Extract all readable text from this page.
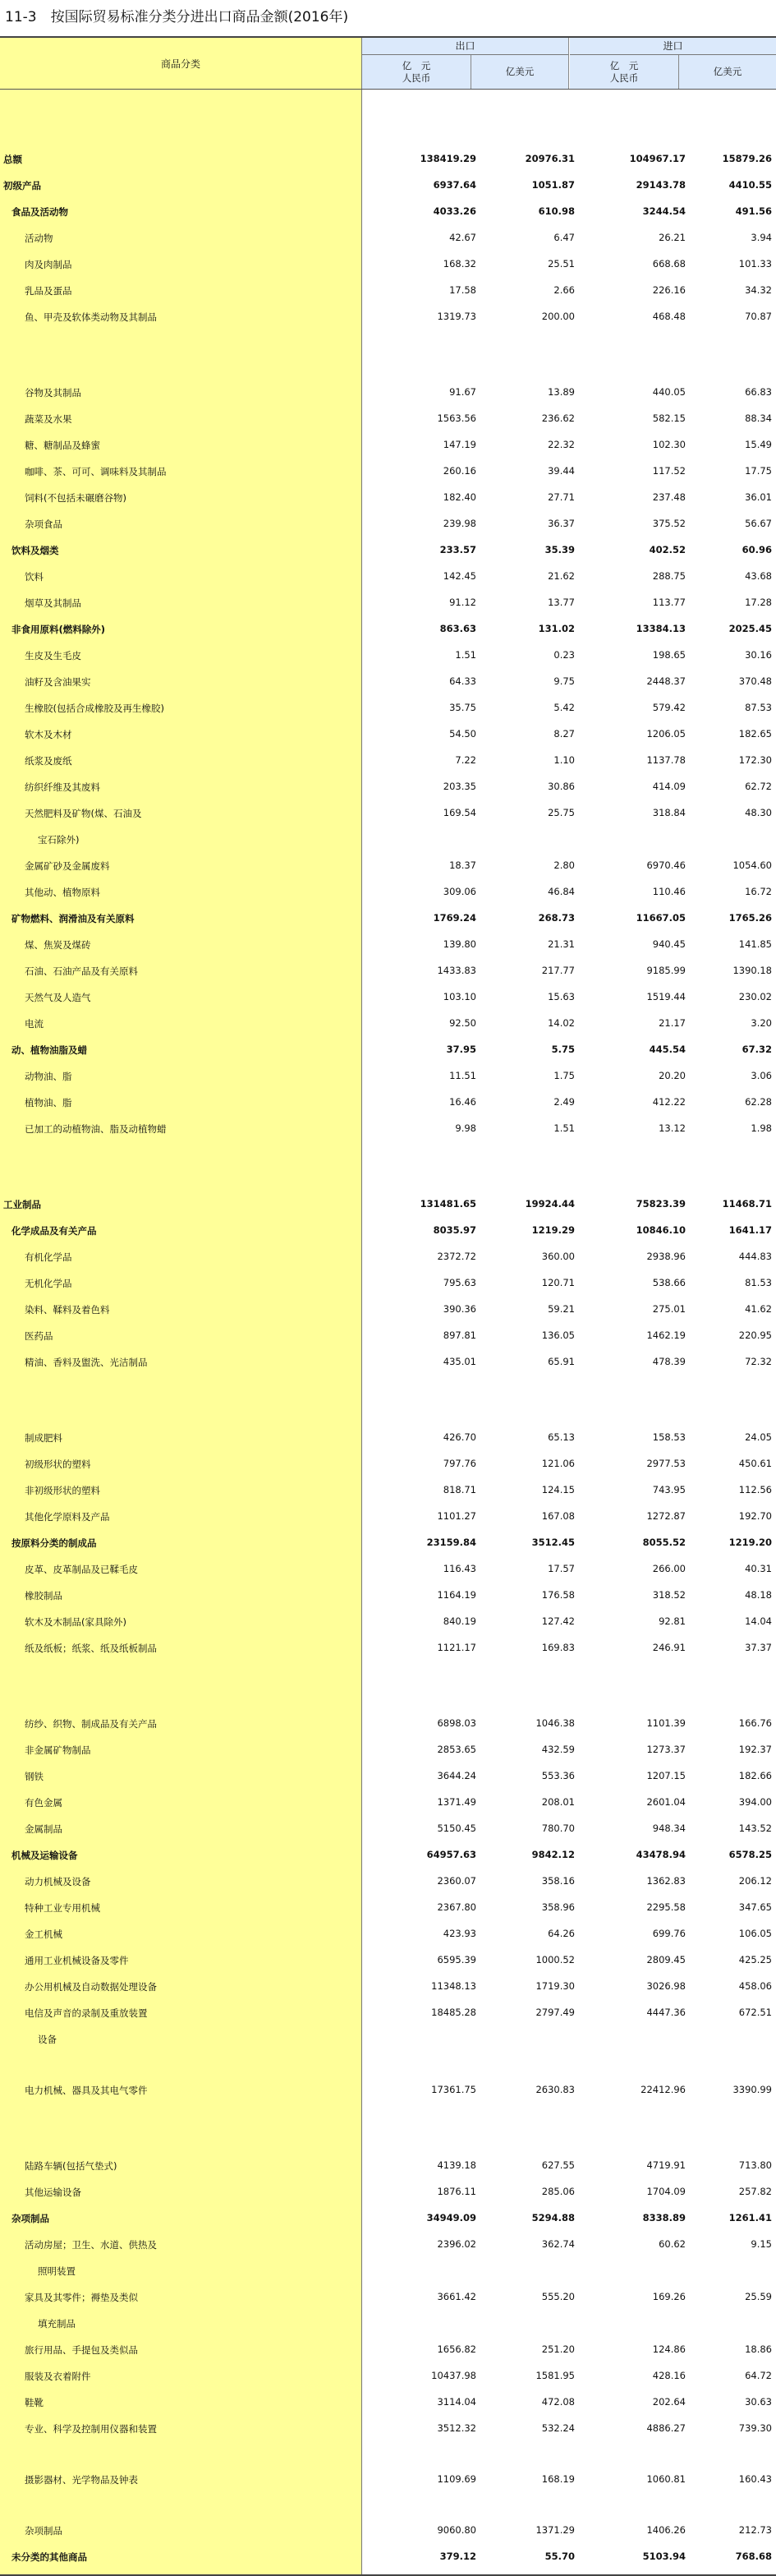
11-3　按国际贸易标准分类分进出口商品金额(2016年)
商品分类
出口	进口
亿　元
人民币
亿美元
亿　元
人民币
亿美元
总额	138419.29	20976.31	104967.17	15879.26
初级产品	6937.64	1051.87	29143.78	4410.55
食品及活动物	4033.26	610.98	3244.54	491.56
活动物	42.67	6.47	26.21	3.94
肉及肉制品	168.32	25.51	668.68	101.33
乳品及蛋品	17.58	2.66	226.16	34.32
鱼、甲壳及软体类动物及其制品	1319.73	200.00	468.48	70.87
谷物及其制品	91.67	13.89	440.05	66.83
蔬菜及水果	1563.56	236.62	582.15	88.34
糖、糖制品及蜂蜜	147.19	22.32	102.30	15.49
咖啡、茶、可可、调味料及其制品	260.16	39.44	117.52	17.75
饲料(不包括未碾磨谷物)	182.40	27.71	237.48	36.01
杂项食品	239.98	36.37	375.52	56.67
饮料及烟类	233.57	35.39	402.52	60.96
饮料	142.45	21.62	288.75	43.68
烟草及其制品	91.12	13.77	113.77	17.28
非食用原料(燃料除外)	863.63	131.02	13384.13	2025.45
生皮及生毛皮	1.51	0.23	198.65	30.16
油籽及含油果实	64.33	9.75	2448.37	370.48
生橡胶(包括合成橡胶及再生橡胶)	35.75	5.42	579.42	87.53
软木及木材	54.50	8.27	1206.05	182.65
纸浆及废纸	7.22	1.10	1137.78	172.30
纺织纤维及其废料	203.35	30.86	414.09	62.72
天然肥料及矿物(煤、石油及	169.54	25.75	318.84	48.30
宝石除外)
金属矿砂及金属废料	18.37	2.80	6970.46	1054.60
其他动、植物原料	309.06	46.84	110.46	16.72
矿物燃料、润滑油及有关原料	1769.24	268.73	11667.05	1765.26
煤、焦炭及煤砖	139.80	21.31	940.45	141.85
石油、石油产品及有关原料	1433.83	217.77	9185.99	1390.18
天然气及人造气	103.10	15.63	1519.44	230.02
电流	92.50	14.02	21.17	3.20
动、植物油脂及蜡	37.95	5.75	445.54	67.32
动物油、脂	11.51	1.75	20.20	3.06
植物油、脂	16.46	2.49	412.22	62.28
已加工的动植物油、脂及动植物蜡	9.98	1.51	13.12	1.98
工业制品	131481.65	19924.44	75823.39	11468.71
化学成品及有关产品	8035.97	1219.29	10846.10	1641.17
有机化学品	2372.72	360.00	2938.96	444.83
无机化学品	795.63	120.71	538.66	81.53
染料、鞣料及着色料	390.36	59.21	275.01	41.62
医药品	897.81	136.05	1462.19	220.95
精油、香料及盥洗、光洁制品	435.01	65.91	478.39	72.32
制成肥料	426.70	65.13	158.53	24.05
初级形状的塑料	797.76	121.06	2977.53	450.61
非初级形状的塑料	818.71	124.15	743.95	112.56
其他化学原料及产品	1101.27	167.08	1272.87	192.70
按原料分类的制成品	23159.84	3512.45	8055.52	1219.20
皮革、皮革制品及已鞣毛皮	116.43	17.57	266.00	40.31
橡胶制品	1164.19	176.58	318.52	48.18
软木及木制品(家具除外)	840.19	127.42	92.81	14.04
纸及纸板；纸浆、纸及纸板制品	1121.17	169.83	246.91	37.37
纺纱、织物、制成品及有关产品	6898.03	1046.38	1101.39	166.76
非金属矿物制品	2853.65	432.59	1273.37	192.37
钢铁	3644.24	553.36	1207.15	182.66
有色金属	1371.49	208.01	2601.04	394.00
金属制品	5150.45	780.70	948.34	143.52
机械及运输设备	64957.63	9842.12	43478.94	6578.25
动力机械及设备	2360.07	358.16	1362.83	206.12
特种工业专用机械	2367.80	358.96	2295.58	347.65
金工机械	423.93	64.26	699.76	106.05
通用工业机械设备及零件	6595.39	1000.52	2809.45	425.25
办公用机械及自动数据处理设备	11348.13	1719.30	3026.98	458.06
电信及声音的录制及重放装置	18485.28	2797.49	4447.36	672.51
设备
电力机械、器具及其电气零件	17361.75	2630.83	22412.96	3390.99
陆路车辆(包括气垫式)	4139.18	627.55	4719.91	713.80
其他运输设备	1876.11	285.06	1704.09	257.82
杂项制品	34949.09	5294.88	8338.89	1261.41
活动房屋；卫生、水道、供热及	2396.02	362.74	60.62	9.15
照明装置
家具及其零件；褥垫及类似	3661.42	555.20	169.26	25.59
填充制品
旅行用品、手提包及类似品	1656.82	251.20	124.86	18.86
服装及衣着附件	10437.98	1581.95	428.16	64.72
鞋靴	3114.04	472.08	202.64	30.63
专业、科学及控制用仪器和装置	3512.32	532.24	4886.27	739.30
摄影器材、光学物品及钟表	1109.69	168.19	1060.81	160.43
杂项制品	9060.80	1371.29	1406.26	212.73
未分类的其他商品	379.12	55.70	5103.94	768.68
